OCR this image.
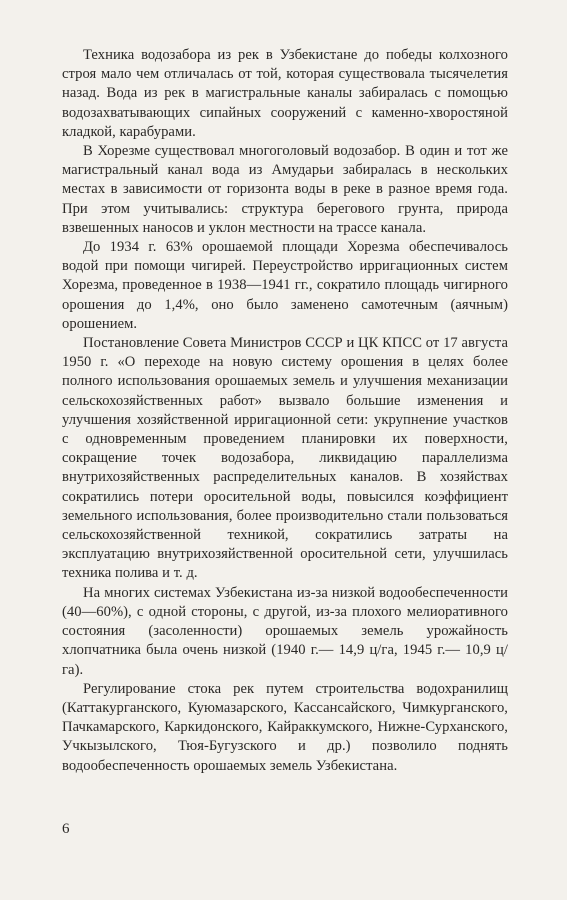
Техника водозабора из рек в Узбекистане до победы колхозного строя мало чем отличалась от той, которая существовала тысячелетия назад. Вода из рек в магистральные каналы забиралась с помощью водозахватывающих сипайных сооружений с каменно-хворостяной кладкой, карабурами.

В Хорезме существовал многоголовый водозабор. В один и тот же магистральный канал вода из Амударьи забиралась в нескольких местах в зависимости от горизонта воды в реке в разное время года. При этом учитывались: структура берегового грунта, природа взвешенных наносов и уклон местности на трассе канала.

До 1934 г. 63% орошаемой площади Хорезма обеспечивалось водой при помощи чигирей. Переустройство ирригационных систем Хорезма, проведенное в 1938—1941 гг., сократило площадь чигирного орошения до 1,4%, оно было заменено самотечным (аячным) орошением.

Постановление Совета Министров СССР и ЦК КПСС от 17 августа 1950 г. «О переходе на новую систему орошения в целях более полного использования орошаемых земель и улучшения механизации сельскохозяйственных работ» вызвало большие изменения и улучшения хозяйственной ирригационной сети: укрупнение участков с одновременным проведением планировки их поверхности, сокращение точек водозабора, ликвидацию параллелизма внутрихозяйственных распределительных каналов. В хозяйствах сократились потери оросительной воды, повысился коэффициент земельного использования, более производительно стали пользоваться сельскохозяйственной техникой, сократились затраты на эксплуатацию внутрихозяйственной оросительной сети, улучшилась техника полива и т. д.

На многих системах Узбекистана из-за низкой водообеспеченности (40—60%), с одной стороны, с другой, из-за плохого мелиоративного состояния (засоленности) орошаемых земель урожайность хлопчатника была очень низкой (1940 г.— 14,9 ц/га, 1945 г.— 10,9 ц/га).

Регулирование стока рек путем строительства водохранилищ (Каттакурганского, Куюмазарского, Кассансайского, Чимкурганского, Пачкамарского, Каркидонского, Кайраккумского, Нижне-Сурханского, Учкызылского, Тюя-Бугузского и др.) позволило поднять водообеспеченность орошаемых земель Узбекистана.

6
